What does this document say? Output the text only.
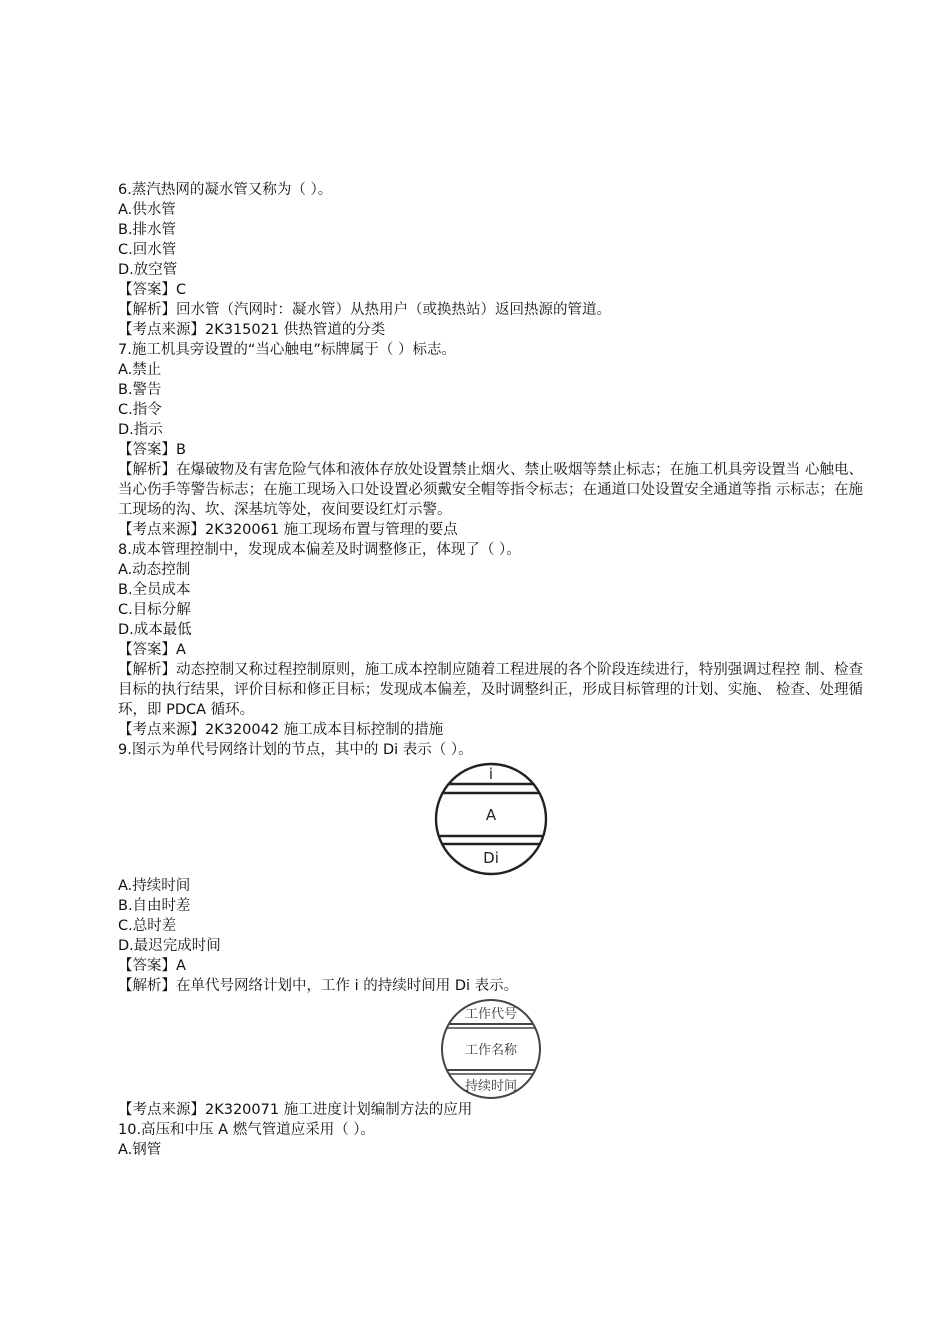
6.蒸汽热网的凝水管又称为（ ）。
A.供水管
B.排水管
C.回水管
D.放空管
【答案】C
【解析】回水管（汽网时：凝水管）从热用户（或换热站）返回热源的管道。
【考点来源】2K315021 供热管道的分类
7.施工机具旁设置的“当心触电”标牌属于（ ）标志。
A.禁止
B.警告
C.指令
D.指示
【答案】B
【解析】在爆破物及有害危险气体和液体存放处设置禁止烟火、禁止吸烟等禁止标志；在施工机具旁设置当 心触电、当心伤手等警告标志；在施工现场入口处设置必须戴安全帽等指令标志；在通道口处设置安全通道等指 示标志；在施工现场的沟、坎、深基坑等处，夜间要设红灯示警。
【考点来源】2K320061 施工现场布置与管理的要点
8.成本管理控制中，发现成本偏差及时调整修正，体现了（ ）。
A.动态控制
B.全员成本
C.目标分解
D.成本最低
【答案】A
【解析】动态控制又称过程控制原则，施工成本控制应随着工程进展的各个阶段连续进行，特别强调过程控 制、检查目标的执行结果，评价目标和修正目标；发现成本偏差，及时调整纠正，形成目标管理的计划、实施、 检查、处理循环，即 PDCA 循环。
【考点来源】2K320042 施工成本目标控制的措施
9.图示为单代号网络计划的节点，其中的 Di 表示（ ）。
i
A
Di
A.持续时间
B.自由时差
C.总时差
D.最迟完成时间
【答案】A
【解析】在单代号网络计划中，工作 i 的持续时间用 Di 表示。
工作代号
工作名称
持续时间
【考点来源】2K320071 施工进度计划编制方法的应用
10.高压和中压 A 燃气管道应采用（ ）。
A.钢管
